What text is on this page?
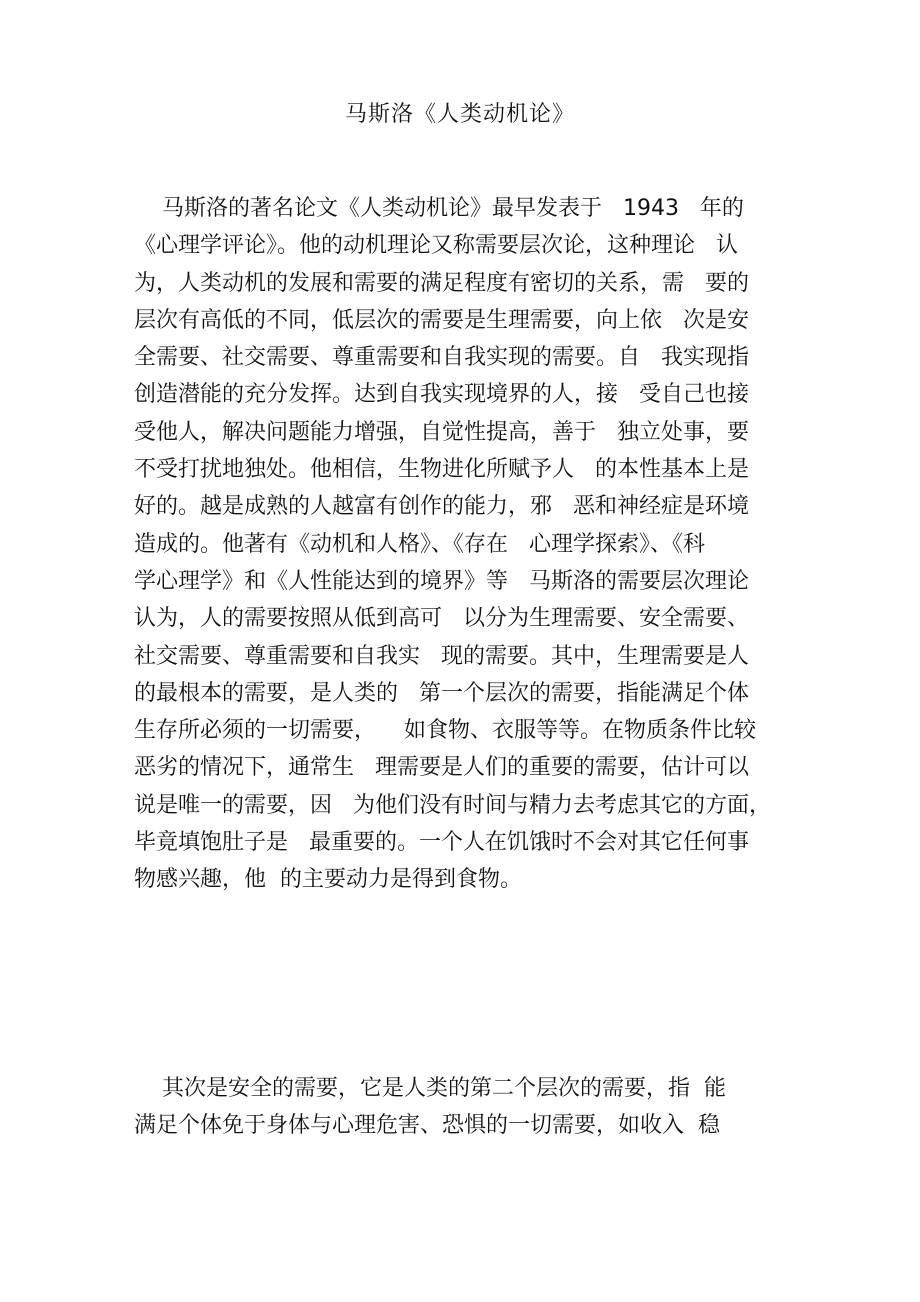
马斯洛《人类动机论》
马斯洛的著名论文《人类动机论》最早发表于   1943   年的
《心理学评论》。他的动机理论又称需要层次论，这种理论   认
为，人类动机的发展和需要的满足程度有密切的关系，需   要的
层次有高低的不同，低层次的需要是生理需要，向上依   次是安
全需要、社交需要、尊重需要和自我实现的需要。自   我实现指
创造潜能的充分发挥。达到自我实现境界的人，接   受自己也接
受他人，解决问题能力增强，自觉性提高，善于   独立处事，要
不受打扰地独处。他相信，生物进化所赋予人   的本性基本上是
好的。越是成熟的人越富有创作的能力，邪   恶和神经症是环境
造成的。他著有《动机和人格》、《存在   心理学探索》、《科
学心理学》和《人性能达到的境界》等   马斯洛的需要层次理论
认为，人的需要按照从低到高可   以分为生理需要、安全需要、
社交需要、尊重需要和自我实   现的需要。其中，生理需要是人
的最根本的需要，是人类的   第一个层次的需要，指能满足个体
生存所必须的一切需要，    如食物、衣服等等。在物质条件比较
恶劣的情况下，通常生   理需要是人们的重要的需要，估计可以
说是唯一的需要，因   为他们没有时间与精力去考虑其它的方面，
毕竟填饱肚子是   最重要的。一个人在饥饿时不会对其它任何事
物感兴趣，他  的主要动力是得到食物。
其次是安全的需要，它是人类的第二个层次的需要，指  能
满足个体免于身体与心理危害、恐惧的一切需要，如收入  稳
